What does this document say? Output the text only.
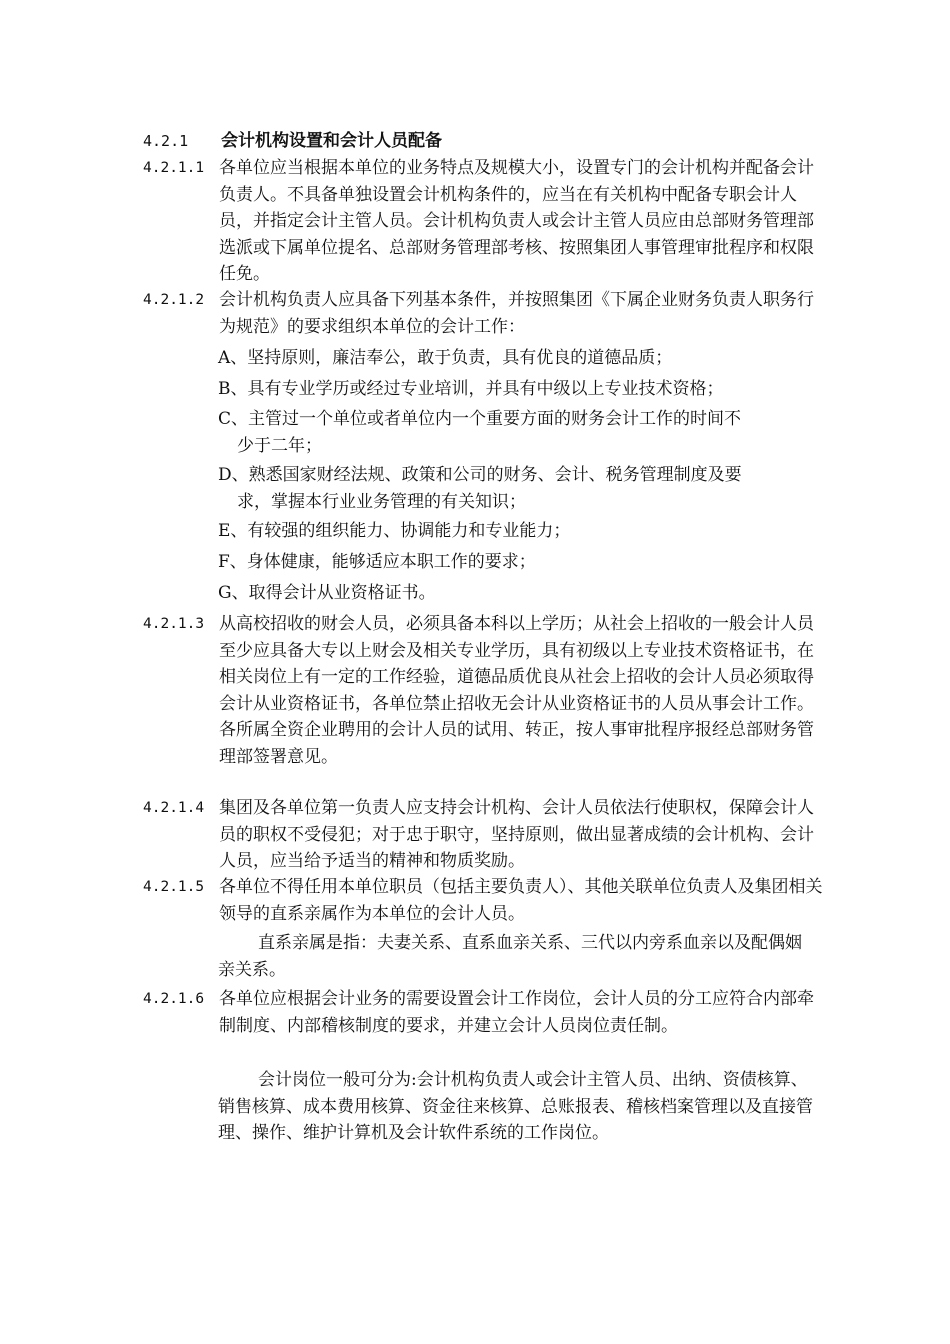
4.2.1 会计机构设置和会计人员配备
4.2.1.1 各单位应当根据本单位的业务特点及规模大小，设置专门的会计机构并配备会计负责人。不具备单独设置会计机构条件的，应当在有关机构中配备专职会计人员，并指定会计主管人员。会计机构负责人或会计主管人员应由总部财务管理部选派或下属单位提名、总部财务管理部考核、按照集团人事管理审批程序和权限任免。
4.2.1.2 会计机构负责人应具备下列基本条件，并按照集团《下属企业财务负责人职务行为规范》的要求组织本单位的会计工作：
A、坚持原则，廉洁奉公，敢于负责，具有优良的道德品质；
B、具有专业学历或经过专业培训，并具有中级以上专业技术资格；
C、主管过一个单位或者单位内一个重要方面的财务会计工作的时间不
少于二年；
D、熟悉国家财经法规、政策和公司的财务、会计、税务管理制度及要
求，掌握本行业业务管理的有关知识；
E、有较强的组织能力、协调能力和专业能力；
F、身体健康，能够适应本职工作的要求；
G、取得会计从业资格证书。
4.2.1.3 从高校招收的财会人员，必须具备本科以上学历；从社会上招收的一般会计人员至少应具备大专以上财会及相关专业学历，具有初级以上专业技术资格证书，在相关岗位上有一定的工作经验，道德品质优良从社会上招收的会计人员必须取得会计从业资格证书，各单位禁止招收无会计从业资格证书的人员从事会计工作。各所属全资企业聘用的会计人员的试用、转正，按人事审批程序报经总部财务管理部签署意见。
4.2.1.4 集团及各单位第一负责人应支持会计机构、会计人员依法行使职权，保障会计人员的职权不受侵犯；对于忠于职守，坚持原则，做出显著成绩的会计机构、会计人员，应当给予适当的精神和物质奖励。
4.2.1.5 各单位不得任用本单位职员（包括主要负责人）、其他关联单位负责人及集团相关领导的直系亲属作为本单位的会计人员。
直系亲属是指：夫妻关系、直系血亲关系、三代以内旁系血亲以及配偶姻亲关系。
4.2.1.6 各单位应根据会计业务的需要设置会计工作岗位，会计人员的分工应符合内部牵制制度、内部稽核制度的要求，并建立会计人员岗位责任制。
会计岗位一般可分为:会计机构负责人或会计主管人员、出纳、资债核算、销售核算、成本费用核算、资金往来核算、总账报表、稽核档案管理以及直接管理、操作、维护计算机及会计软件系统的工作岗位。
